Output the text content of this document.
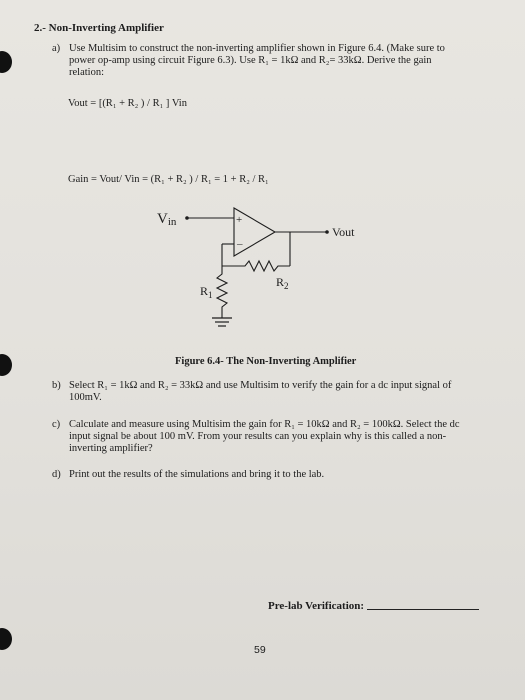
2.- Non-Inverting Amplifier
a) Use Multisim to construct the non-inverting amplifier shown in Figure 6.4. (Make sure to
power op-amp using circuit Figure 6.3). Use R₁ = 1kΩ and R₂= 33kΩ. Derive the gain
relation:
Vout = [(R₁ + R₂ ) / R₁ ] Vin
Gain = Vout/ Vin = (R₁ + R₂ ) / R₁ = 1 + R₂ / R₁
Vin	+
–
Vout
$R_2$
$R_1$
Figure 6.4- The Non-Inverting Amplifier
b) Select R₁ = 1kΩ and R₂ = 33kΩ and use Multisim to verify the gain for a dc input signal of
100mV.
c) Calculate and measure using Multisim the gain for R₁ = 10kΩ and R₂ = 100kΩ. Select the dc
input signal be about 100 mV. From your results can you explain why is this called a non-
inverting amplifier?
d) Print out the results of the simulations and bring it to the lab.
Pre-lab Verification:
59
